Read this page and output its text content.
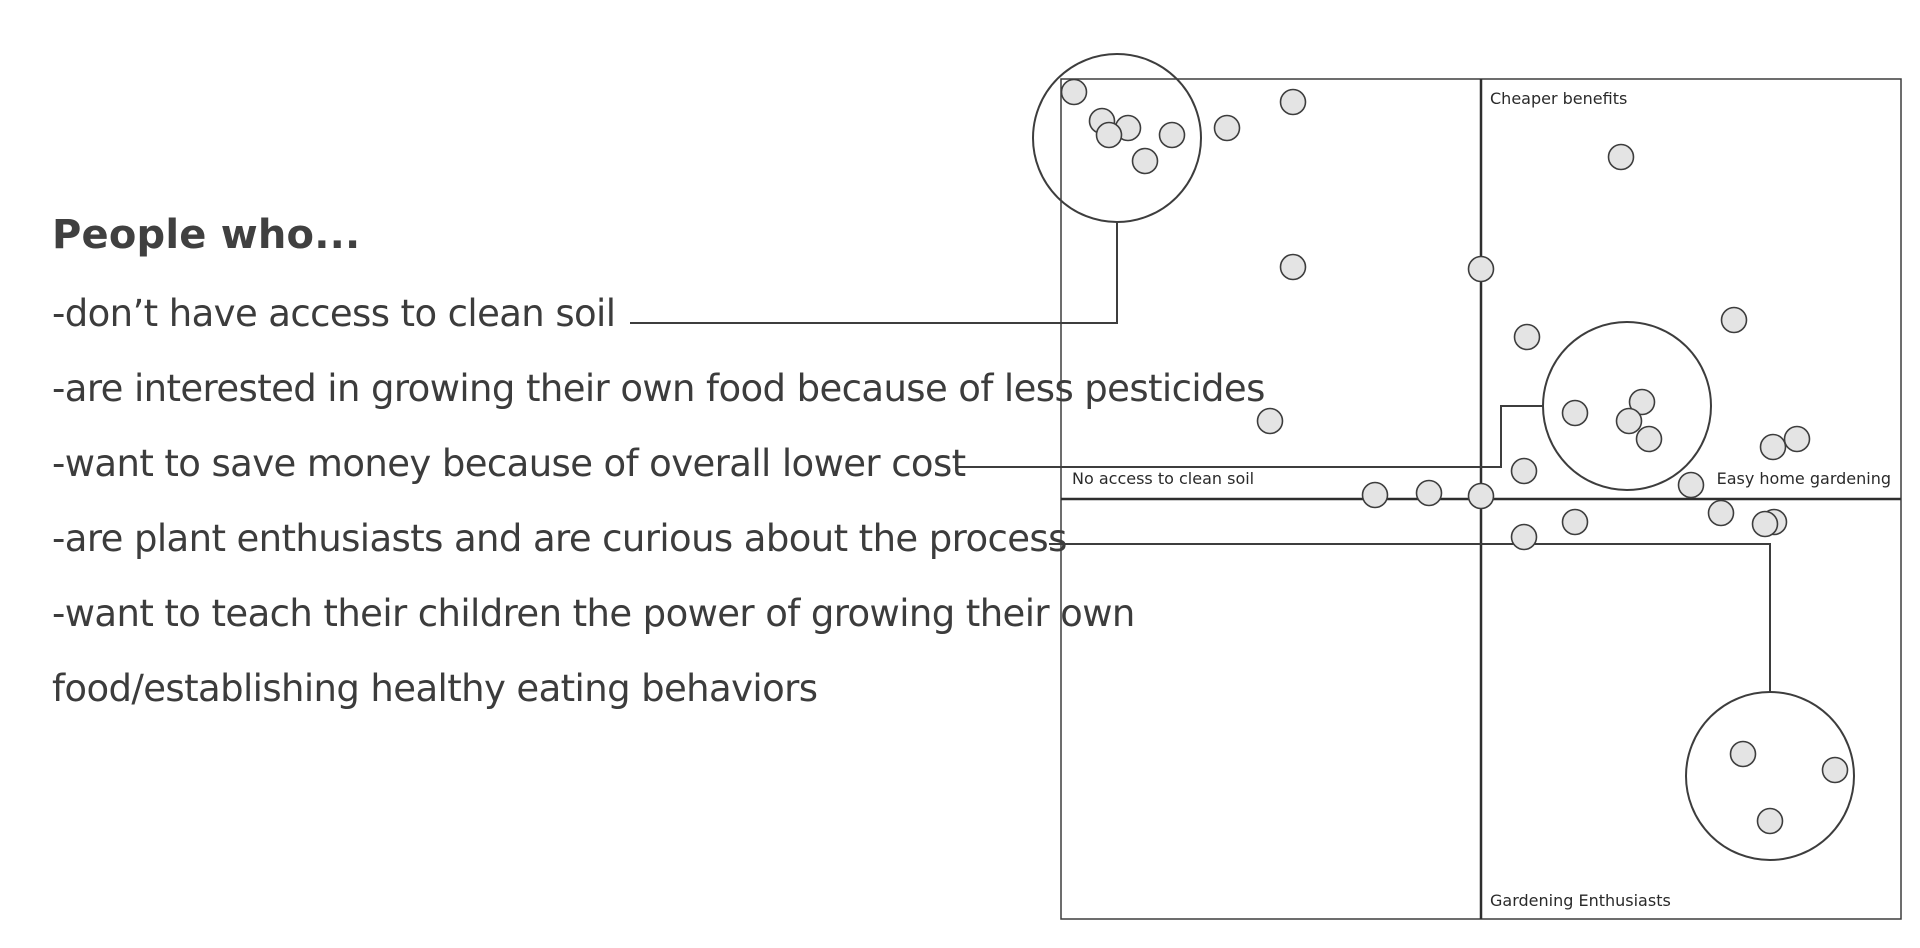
People who...

-don’t have access to clean soil

-are interested in growing their own food because of less pesticides

-want to save money because of overall lower cost

-are plant enthusiasts and are curious about the process

-want to teach their children the power of growing their own

food/establishing healthy eating behaviors

Cheaper benefits
No access to clean soil	Easy home gardening
Gardening Enthusiasts
